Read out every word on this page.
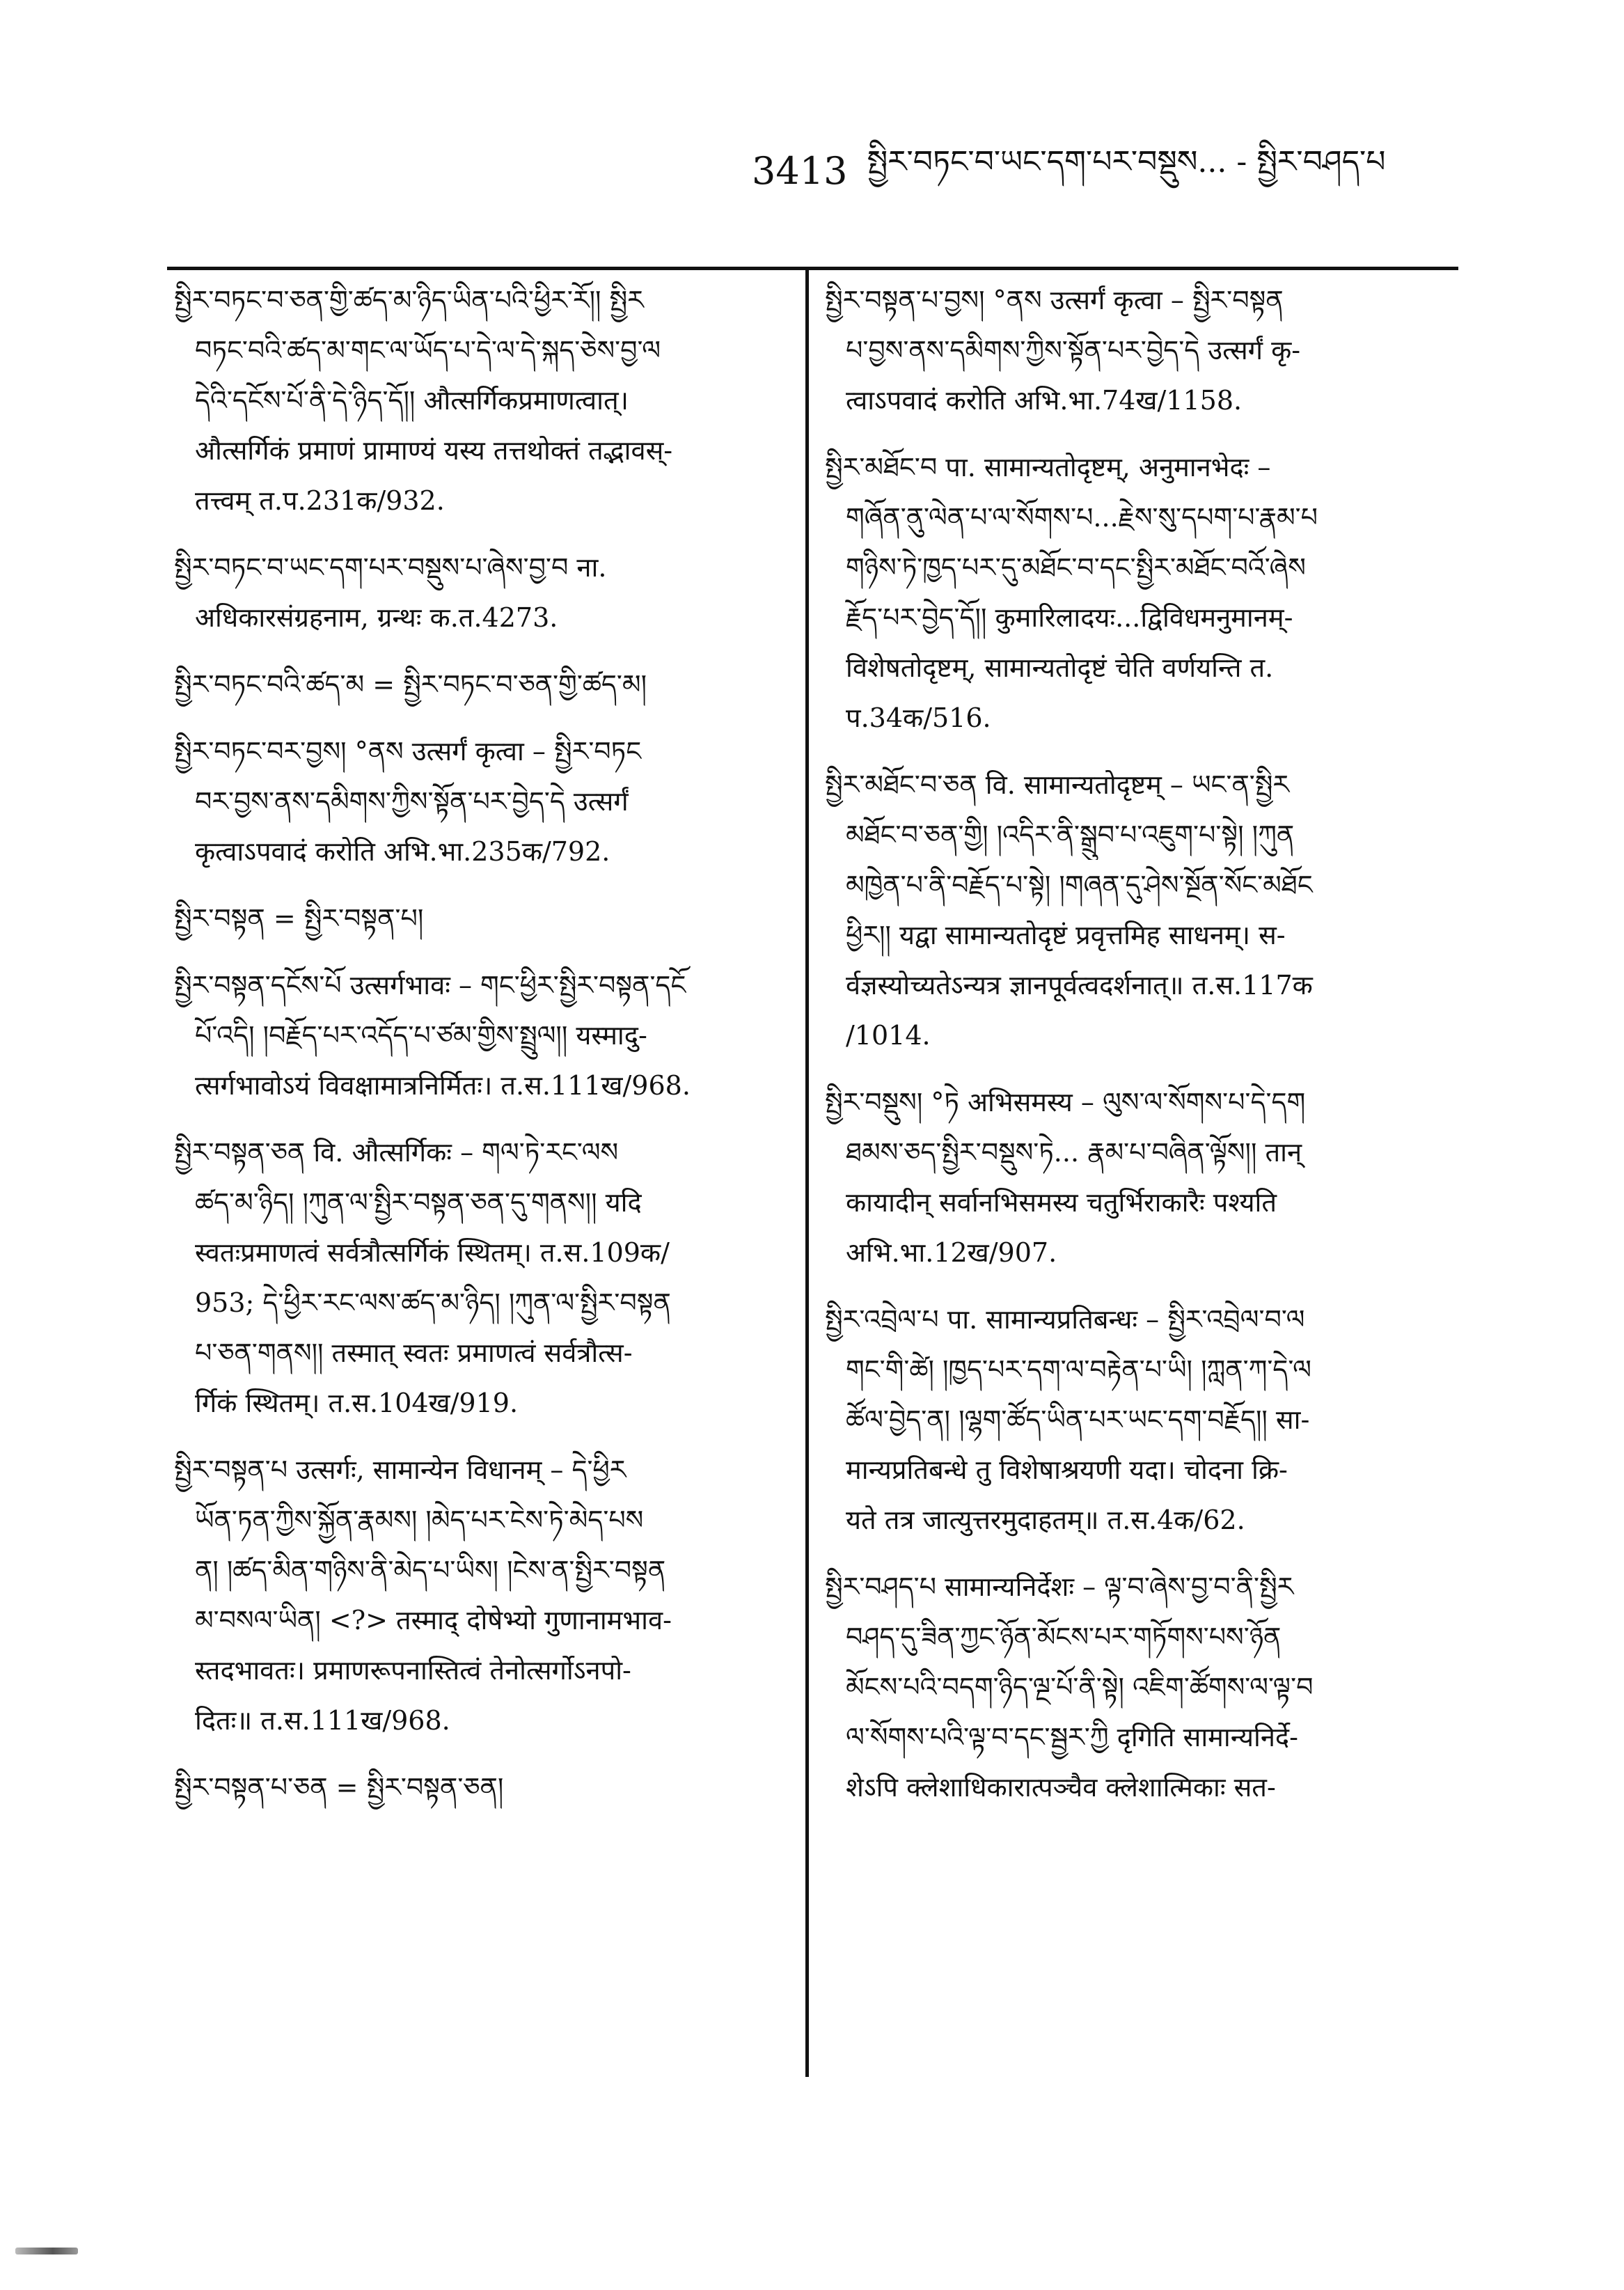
3413 སྤྱིར་བཏང་བ་ཡང་དག་པར་བསྡུས... - སྤྱིར་བཤད་པ
སྤྱིར་བཏང་བ་ཅན་གྱི་ཚད་མ་ཉིད་ཡིན་པའི་ཕྱིར་རོ།། སྤྱིར
བཏང་བའི་ཚད་མ་གང་ལ་ཡོད་པ་དེ་ལ་དེ་སྐད་ཅེས་བྱ་ལ
དེའི་དངོས་པོ་ནི་དེ་ཉིད་དོ།། औत्सर्गिकप्रमाणत्वात्।
औत्सर्गिकं प्रमाणं प्रामाण्यं यस्य तत्तथोक्तं तद्भावस्-
तत्त्वम् त.प.231क/932.
སྤྱིར་བཏང་བ་ཡང་དག་པར་བསྡུས་པ་ཞེས་བྱ་བ ना.
अधिकारसंग्रहनाम, ग्रन्थः क.त.4273.
སྤྱིར་བཏང་བའི་ཚད་མ = སྤྱིར་བཏང་བ་ཅན་གྱི་ཚད་མ།
སྤྱིར་བཏང་བར་བྱས། °ནས उत्सर्गं कृत्वा – སྤྱིར་བཏང
བར་བྱས་ནས་དམིགས་ཀྱིས་སྟོན་པར་བྱེད་དེ उत्सर्गं
कृत्वाऽपवादं करोति अभि.भा.235क/792.
སྤྱིར་བསྟན = སྤྱིར་བསྟན་པ།
སྤྱིར་བསྟན་དངོས་པོ उत्सर्गभावः – གང་ཕྱིར་སྤྱིར་བསྟན་དངོ
པོ་འདི། །བརྗོད་པར་འདོད་པ་ཙམ་གྱིས་སྤྲུལ།། यस्मादु-
त्सर्गभावोऽयं विवक्षामात्रनिर्मितः। त.स.111ख/968.
སྤྱིར་བསྟན་ཅན वि. औत्सर्गिकः – གལ་ཏེ་རང་ལས
ཚད་མ་ཉིད། །ཀུན་ལ་སྤྱིར་བསྟན་ཅན་དུ་གནས།། यदि
स्वतःप्रमाणत्वं सर्वत्रौत्सर्गिकं स्थितम्। त.स.109क/
953; དེ་ཕྱིར་རང་ལས་ཚད་མ་ཉིད། །ཀུན་ལ་སྤྱིར་བསྟན
པ་ཅན་གནས།། तस्मात् स्वतः प्रमाणत्वं सर्वत्रौत्स-
र्गिकं स्थितम्। त.स.104ख/919.
སྤྱིར་བསྟན་པ उत्सर्गः, सामान्येन विधानम् – དེ་ཕྱིར
ཡོན་ཏན་ཀྱིས་སྐྱོན་རྣམས། །མེད་པར་ངེས་ཏེ་མེད་པས
ན། །ཚད་མིན་གཉིས་ནི་མེད་པ་ཡིས། །ངེས་ན་སྤྱིར་བསྟན
མ་བསལ་ཡིན། <?> तस्माद् दोषेभ्यो गुणानामभाव-
स्तदभावतः। प्रमाणरूपनास्तित्वं तेनोत्सर्गोऽनपो-
दितः॥ त.स.111ख/968.
སྤྱིར་བསྟན་པ་ཅན = སྤྱིར་བསྟན་ཅན།
སྤྱིར་བསྟན་པ་བྱས། °ནས उत्सर्गं कृत्वा – སྤྱིར་བསྟན
པ་བྱས་ནས་དམིགས་ཀྱིས་སྟོན་པར་བྱེད་དེ उत्सर्गं कृ-
त्वाऽपवादं करोति अभि.भा.74ख/1158.
སྤྱིར་མཐོང་བ पा. सामान्यतोदृष्टम्, अनुमानभेदः –
གཞོན་ནུ་ལེན་པ་ལ་སོགས་པ...རྗེས་སུ་དཔག་པ་རྣམ་པ
གཉིས་ཏེ་ཁྱད་པར་དུ་མཐོང་བ་དང་སྤྱིར་མཐོང་བའོ་ཞེས
རྗོད་པར་བྱེད་དོ།། कुमारिलादयः...द्विविधमनुमानम्-
विशेषतोदृष्टम्, सामान्यतोदृष्टं चेति वर्णयन्ति त.
प.34क/516.
སྤྱིར་མཐོང་བ་ཅན वि. सामान्यतोदृष्टम् – ཡང་ན་སྤྱིར
མཐོང་བ་ཅན་གྱི། །འདིར་ནི་སྒྲུབ་པ་འཇུག་པ་སྟེ། །ཀུན
མཁྱེན་པ་ནི་བརྗོད་པ་སྟེ། །གཞན་དུ་ཤེས་སྔོན་སོང་མཐོང
ཕྱིར།། यद्वा सामान्यतोदृष्टं प्रवृत्तमिह साधनम्। स-
र्वज्ञस्योच्यतेऽन्यत्र ज्ञानपूर्वत्वदर्शनात्॥ त.स.117क
/1014.
སྤྱིར་བསྡུས། °ཏེ अभिसमस्य – ལུས་ལ་སོགས་པ་དེ་དག
ཐམས་ཅད་སྤྱིར་བསྡུས་ཏེ... རྣམ་པ་བཞིན་ལྟོས།། तान्
कायादीन् सर्वानभिसमस्य चतुर्भिराकारैः पश्यति
अभि.भा.12ख/907.
སྤྱིར་འབྲེལ་པ पा. सामान्यप्रतिबन्धः – སྤྱིར་འབྲེལ་བ་ལ
གང་གི་ཚེ། །ཁྱད་པར་དག་ལ་བརྟེན་པ་ཡི། །ཀླན་ཀ་དེ་ལ
ཚོལ་བྱེད་ན། །ལྷག་ཚོད་ཡིན་པར་ཡང་དག་བརྗོད།། सा-
मान्यप्रतिबन्धे तु विशेषाश्रयणी यदा। चोदना क्रि-
यते तत्र जात्युत्तरमुदाहतम्॥ त.स.4क/62.
སྤྱིར་བཤད་པ सामान्यनिर्देशः – ལྟ་བ་ཞེས་བྱ་བ་ནི་སྤྱིར
བཤད་དུ་ཟིན་ཀྱང་ཉོན་མོངས་པར་གཏོགས་པས་ཉོན
མོངས་པའི་བདག་ཉིད་ལྔ་པོ་ནི་སྟེ། འཇིག་ཚོགས་ལ་ལྟ་བ
ལ་སོགས་པའི་ལྟ་བ་དང་སྦྱར་ཀྱི दृगिति सामान्यनिर्दे-
शेऽपि क्लेशाधिकारात्पञ्चैव क्लेशात्मिकाः सत-
